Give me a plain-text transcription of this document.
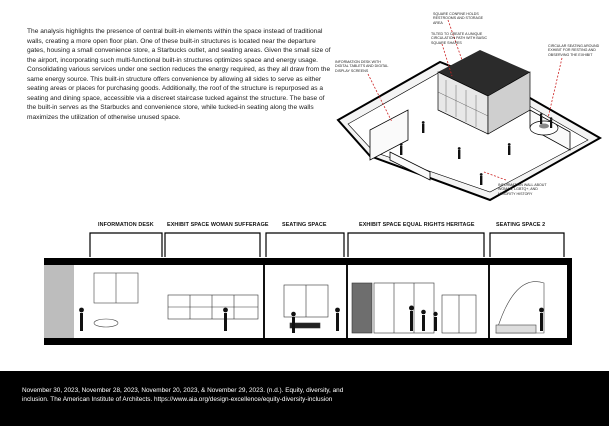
The analysis highlights the presence of central built-in elements within the space instead of traditional walls, creating a more open floor plan. One of these built-in structures is located near the departure gates, housing a small convenience store, a Starbucks outlet, and seating areas. Given the small size of the airport, incorporating such multi-functional built-in structures optimizes space and energy usage. Consolidating various services under one section reduces the energy required, as they all draw from the same energy source. This built-in structure offers convenience by allowing all sides to serve as either seating areas or places for purchasing goods. Additionally, the roof of the structure is repurposed as a seating and dining space, accessible via a discreet staircase tucked against the structure. The base of the built-in serves as the Starbucks and convenience store, while tucked-in seating along the walls maximizes the utilization of otherwise unused space.

SQUARE CONFINE HOLDS RESTROOMS AND STORAGE AREA

TILTED TO CREATE A UNIQUE CIRCULATION PATH WITH BASIC SQUARE SHAPES

INFORMATION DESK WITH DIGITAL TABLETS AND DIGITAL DISPLAY SCREENS

CIRCULAR SEATING AROUND EXHIBIT FOR RESTING AND OBSERVING THE EXHIBIT

INFORMATION WALL ABOUT WOMAN, LGBTQ+, AND MINORITY HISTORY

INFORMATION DESK EXHIBIT SPACE WOMAN SUFFERAGE SEATING SPACE	EXHIBIT SPACE EQUAL RIGHTS HERITAGE	SEATING SPACE 2

November 30, 2023, November 28, 2023, November 20, 2023, & November 29, 2023. (n.d.). Equity, diversity, and inclusion. The American Institute of Architects. https://www.aia.org/design-excellence/equity-diversity-inclusion
